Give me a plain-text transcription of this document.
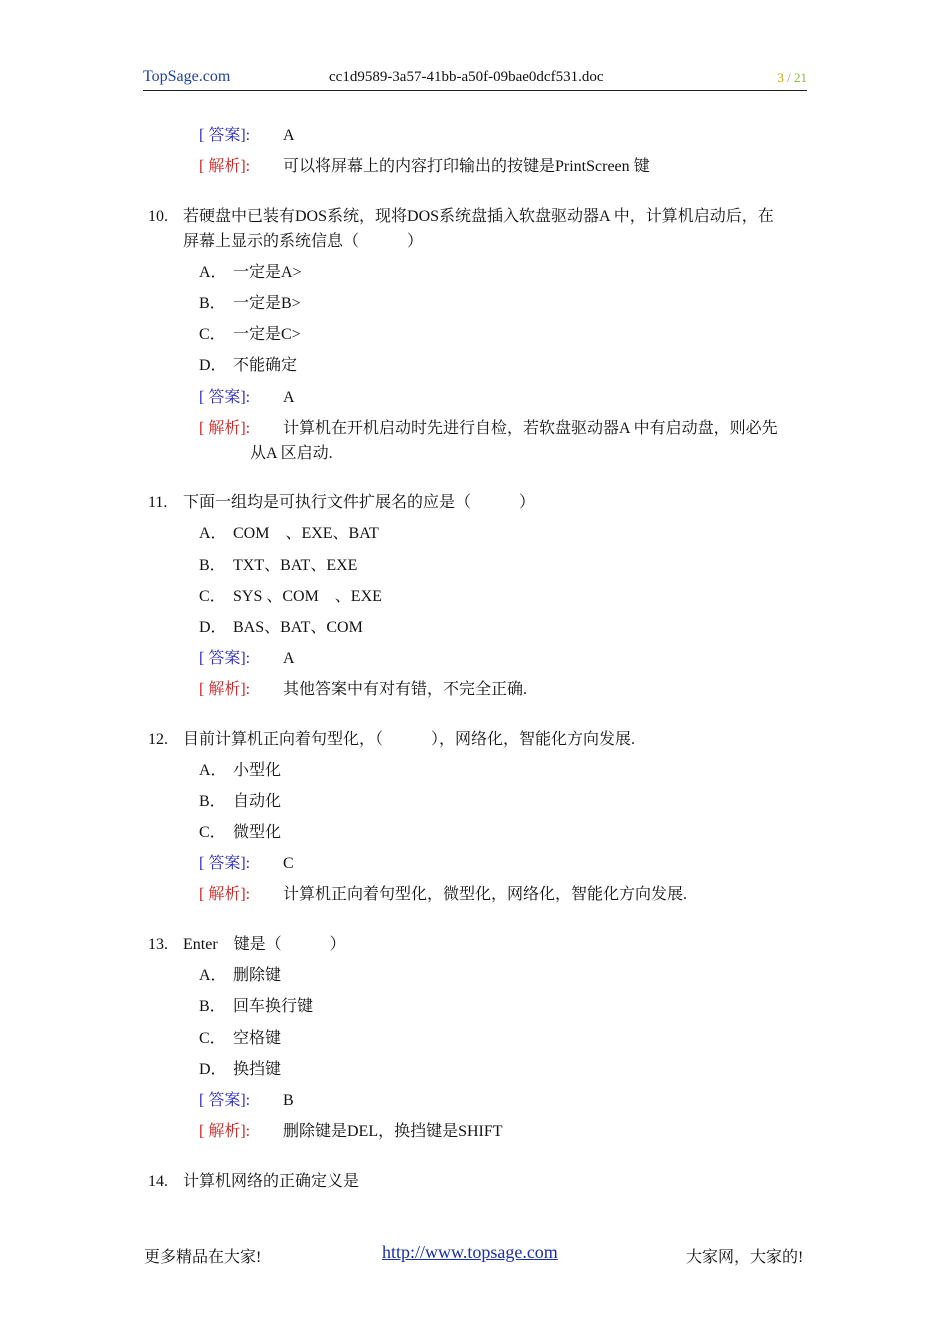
TopSage.com	cc1d9589-3a57-41bb-a50f-09bae0dcf531.doc	3 / 21
[ 答案]: A
[ 解析]: 可以将屏幕上的内容打印输出的按键是PrintScreen 键
10. 若硬盘中已装有DOS系统，现将DOS系统盘插入软盘驱动器A 中，计算机启动后，在
屏幕上显示的系统信息（　　　）
A． 一定是A>
B． 一定是B>
C． 一定是C>
D． 不能确定
[ 答案]: A
[ 解析]: 计算机在开机启动时先进行自检，若软盘驱动器A 中有启动盘，则必先
从A 区启动.
11. 下面一组均是可执行文件扩展名的应是（　　　）
A． COM　、EXE、BAT
B． TXT、BAT、EXE
C． SYS 、COM　、EXE
D． BAS、BAT、COM
[ 答案]: A
[ 解析]: 其他答案中有对有错，不完全正确.
12. 目前计算机正向着句型化，（　　　），网络化，智能化方向发展.
A． 小型化
B． 自动化
C． 微型化
[ 答案]: C
[ 解析]: 计算机正向着句型化，微型化，网络化，智能化方向发展.
13. Enter　键是（　　　）
A． 删除键
B． 回车换行键
C． 空格键
D． 换挡键
[ 答案]: B
[ 解析]: 删除键是DEL，换挡键是SHIFT
14. 计算机网络的正确定义是
更多精品在大家!	http://www.topsage.com	大家网，大家的!
